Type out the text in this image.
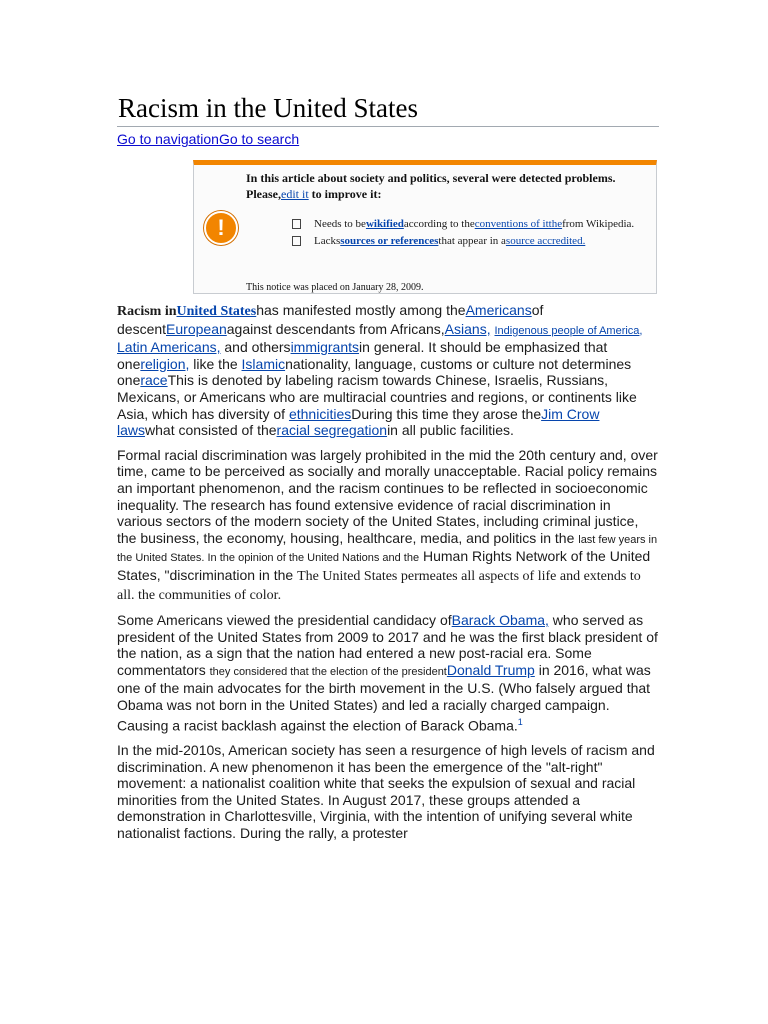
Racism in the United States
Go to navigationGo to search
!
In this article about society and politics, several were detected problems. Please,edit it to improve it:
Needs to bewikifiedaccording to theconventions of itthefrom Wikipedia.
Lackssources or referencesthat appear in asource accredited.
This notice was placed on January 28, 2009.

Racism inUnited Stateshas manifested mostly among theAmericansof descentEuropeanagainst descendants from Africans,Asians, Indigenous people of America, Latin Americans, and othersimmigrantsin general. It should be emphasized that onereligion, like the Islamicnationality, language, customs or culture not determines oneraceThis is denoted by labeling racism towards Chinese, Israelis, Russians, Mexicans, or Americans who are multiracial countries and regions, or continents like Asia, which has diversity of ethnicitiesDuring this time they arose theJim Crow lawswhat consisted of theracial segregationin all public facilities.

Formal racial discrimination was largely prohibited in the mid the 20th century and, over time, came to be perceived as socially and morally unacceptable. Racial policy remains an important phenomenon, and the racism continues to be reflected in socioeconomic inequality. The research has found extensive evidence of racial discrimination in various sectors of the modern society of the United States, including criminal justice, the business, the economy, housing, healthcare, media, and politics in the last few years in the United States. In the opinion of the United Nations and the Human Rights Network of the United States, "discrimination in the The United States permeates all aspects of life and extends to all. the communities of color.

Some Americans viewed the presidential candidacy ofBarack Obama, who served as president of the United States from 2009 to 2017 and he was the first black president of the nation, as a sign that the nation had entered a new post-racial era. Some commentators they considered that the election of the presidentDonald Trump in 2016, what was one of the main advocates for the birth movement in the U.S. (Who falsely argued that Obama was not born in the United States) and led a racially charged campaign. Causing a racist backlash against the election of Barack Obama.$^1$

In the mid-2010s, American society has seen a resurgence of high levels of racism and discrimination. A new phenomenon it has been the emergence of the "alt-right" movement: a nationalist coalition white that seeks the expulsion of sexual and racial minorities from the United States. In August 2017, these groups attended a demonstration in Charlottesville, Virginia, with the intention of unifying several white nationalist factions. During the rally, a protester
